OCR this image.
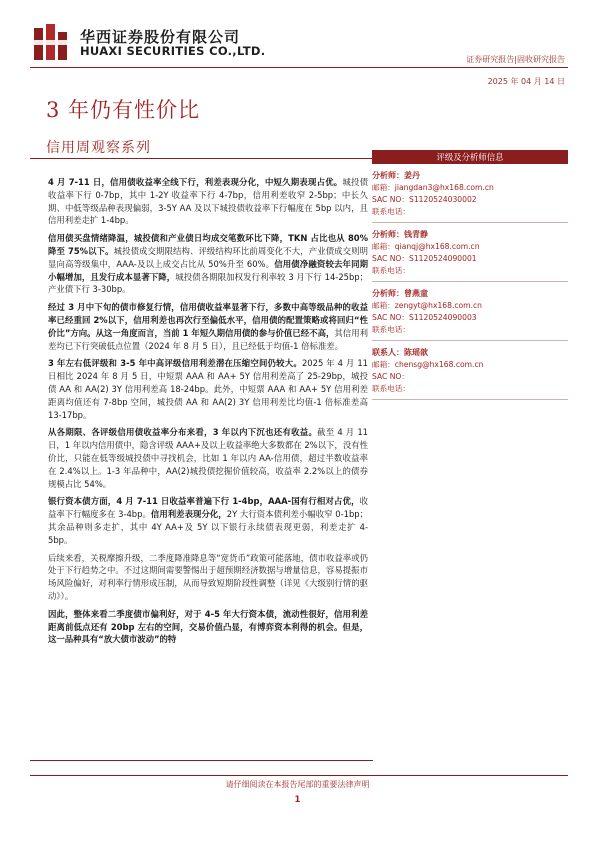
华西证券股份有限公司
HUAXI SECURITIES CO.,LTD.
证券研究报告|固收研究报告
2025 年 04 月 14 日
3 年仍有性价比
信用周观察系列

4 月 7-11 日，信用债收益率全线下行，利差表现分化，中短久期表现占优。城投债收益率下行 0-7bp，其中 1-2Y 收益率下行 4-7bp，信用利差收窄 2-5bp；中长久期、中低等级品种表现偏弱，3-5Y AA 及以下城投债收益率下行幅度在 5bp 以内，且信用利差走扩 1-4bp。

信用债买盘情绪降温，城投债和产业债日均成交笔数环比下降，TKN 占比也从 80%降至 75%以下。城投债成交期限结构、评级结构环比前周变化不大，产业债成交则明显向高等级集中，AAA-及以上成交占比从 50%升至 60%。信用债净融资较去年同期小幅增加，且发行成本显著下降，城投债各期限加权发行利率较 3 月下行 14-25bp；产业债下行 3-30bp。

经过 3 月中下旬的债市修复行情，信用债收益率显著下行，多数中高等级品种的收益率已经重回 2%以下，信用利差也再次行至偏低水平，信用债的配置策略或将回归“性价比”方向。从这一角度而言，当前 1 年短久期信用债的参与价值已经不高，其信用利差均已下行突破低点位置（2024 年 8 月 5 日），且已经低于均值-1 倍标准差。

3 年左右低评级和 3-5 年中高评级信用利差潜在压缩空间仍较大。2025 年 4 月 11 日相比 2024 年 8 月 5 日，中短票 AAA 和 AA+ 5Y 信用利差高了 25-29bp，城投债 AA 和 AA(2) 3Y 信用利差高 18-24bp。此外，中短票 AAA 和 AA+ 5Y 信用利差距离均值还有 7-8bp 空间，城投债 AA 和 AA(2) 3Y 信用利差比均值-1 倍标准差高 13-17bp。

从各期限、各评级信用债收益率分布来看，3 年以内下沉也还有收益。截至 4 月 11 日，1 年以内信用债中，隐含评级 AAA+及以上收益率绝大多数都在 2%以下，没有性价比，只能在低等级城投债中寻找机会，比如 1 年以内 AA-信用债，超过半数收益率在 2.4%以上。1-3 年品种中，AA(2)城投债挖掘价值较高，收益率 2.2%以上的债券规模占比 54%。

银行资本债方面，4 月 7-11 日收益率普遍下行 1-4bp，AAA-国有行相对占优，收益率下行幅度多在 3-4bp。信用利差表现分化，2Y 大行资本债利差小幅收窄 0-1bp；其余品种则多走扩，其中 4Y AA+及 5Y 以下银行永续债表现更弱，利差走扩 4-5bp。

后续来看，关税摩擦升级，二季度降准降息等“宽货币”政策可能落地，债市收益率或仍处于下行趋势之中。不过这期间需要警惕出于超预期经济数据与增量信息，容易提振市场风险偏好，对利率行情形成压制，从而导致短期阶段性调整（详见《大级别行情的驱动》）。

因此，整体来看二季度债市偏利好，对于 4-5 年大行资本债，流动性很好，信用利差距离前低点还有 20bp 左右的空间，交易价值凸显，有博弈资本利得的机会。但是，这一品种具有“放大债市波动”的特

评级及分析师信息
分析师：姜丹
邮箱：jiangdan3@hx168.com.cn
SAC NO：S1120524030002
联系电话：
分析师：钱青静
邮箱：qianqj@hx168.com.cn
SAC NO：S1120524090001
联系电话：
分析师：曾燕童
邮箱：zengyt@hx168.com.cn
SAC NO：S1120524090003
联系电话：
联系人：陈瑶歆
邮箱：chensg@hx168.com.cn
SAC NO：
联系电话：
请仔细阅读在本报告尾部的重要法律声明
1
